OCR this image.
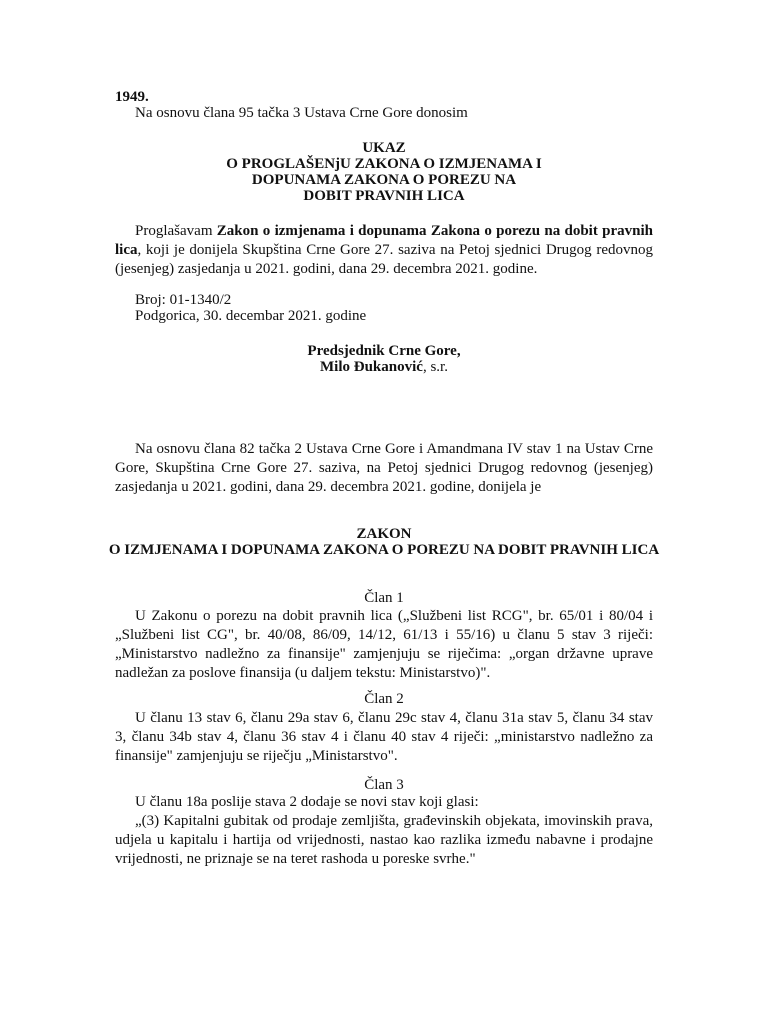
1949.
Na osnovu člana 95 tačka 3 Ustava Crne Gore donosim
UKAZ
O PROGLAŠENjU ZAKONA O IZMJENAMA I
DOPUNAMA ZAKONA O POREZU NA
DOBIT PRAVNIH LICA

Proglašavam Zakon o izmjenama i dopunama Zakona o porezu na dobit pravnih lica, koji je donijela Skupština Crne Gore 27. saziva na Petoj sjednici Drugog redovnog (jesenjeg) zasjedanja u 2021. godini, dana 29. decembra 2021. godine.

Broj: 01-1340/2
Podgorica, 30. decembar 2021. godine
Predsjednik Crne Gore,
Milo Đukanović, s.r.

Na osnovu člana 82 tačka 2 Ustava Crne Gore i Amandmana IV stav 1 na Ustav Crne Gore, Skupština Crne Gore 27. saziva, na Petoj sjednici Drugog redovnog (jesenjeg) zasjedanja u 2021. godini, dana 29. decembra 2021. godine, donijela je

ZAKON
O IZMJENAMA I DOPUNAMA ZAKONA O POREZU NA DOBIT PRAVNIH LICA
Član 1

U Zakonu o porezu na dobit pravnih lica („Službeni list RCG", br. 65/01 i 80/04 i „Službeni list CG", br. 40/08, 86/09, 14/12, 61/13 i 55/16) u članu 5 stav 3 riječi: „Ministarstvo nadležno za finansije" zamjenjuju se riječima: „organ državne uprave nadležan za poslove finansija (u daljem tekstu: Ministarstvo)".

Član 2

U članu 13 stav 6, članu 29a stav 6, članu 29c stav 4, članu 31a stav 5, članu 34 stav 3, članu 34b stav 4, članu 36 stav 4 i članu 40 stav 4 riječi: „ministarstvo nadležno za finansije" zamjenjuju se riječju „Ministarstvo".

Član 3

U članu 18a poslije stava 2 dodaje se novi stav koji glasi:

„(3) Kapitalni gubitak od prodaje zemljišta, građevinskih objekata, imovinskih prava, udjela u kapitalu i hartija od vrijednosti, nastao kao razlika između nabavne i prodajne vrijednosti, ne priznaje se na teret rashoda u poreske svrhe."
